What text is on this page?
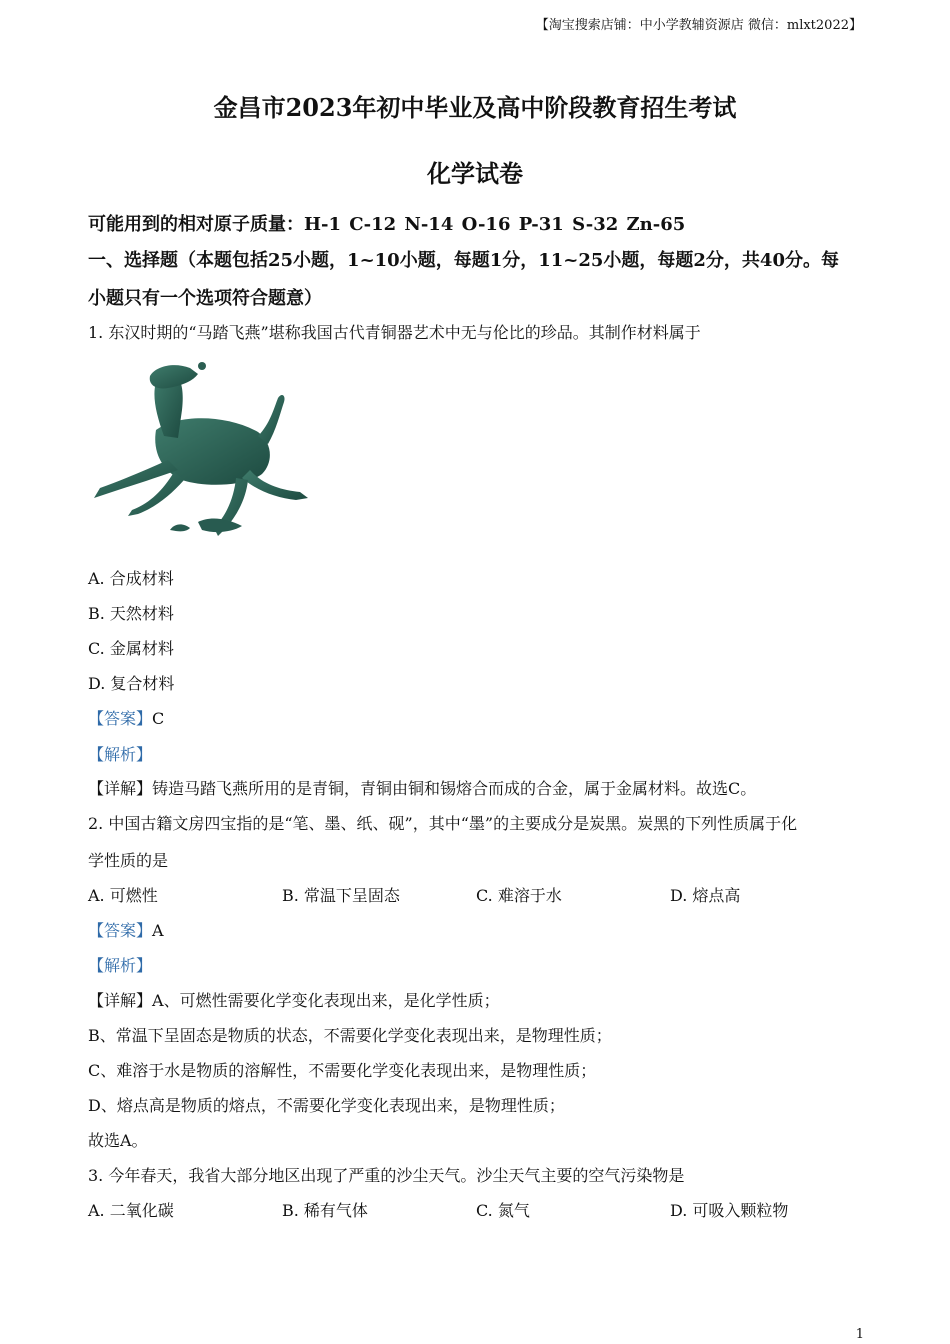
【淘宝搜索店铺：中小学教辅资源店 微信：mlxt2022】
金昌市2023年初中毕业及高中阶段教育招生考试
化学试卷
可能用到的相对原子质量：H-1 C-12 N-14 O-16 P-31 S-32 Zn-65
一、选择题（本题包括25小题，1~10小题，每题1分，11~25小题，每题2分，共40分。每
小题只有一个选项符合题意）
1. 东汉时期的“马踏飞燕”堪称我国古代青铜器艺术中无与伦比的珍品。其制作材料属于
A. 合成材料
B. 天然材料
C. 金属材料
D. 复合材料
【答案】C
【解析】
【详解】铸造马踏飞燕所用的是青铜，青铜由铜和锡熔合而成的合金，属于金属材料。故选C。
2. 中国古籍文房四宝指的是“笔、墨、纸、砚”，其中“墨”的主要成分是炭黑。炭黑的下列性质属于化
学性质的是
A. 可燃性	B. 常温下呈固态	C. 难溶于水	D. 熔点高
【答案】A
【解析】
【详解】A、可燃性需要化学变化表现出来，是化学性质；
B、常温下呈固态是物质的状态，不需要化学变化表现出来，是物理性质；
C、难溶于水是物质的溶解性，不需要化学变化表现出来，是物理性质；
D、熔点高是物质的熔点，不需要化学变化表现出来，是物理性质；
故选A。
3. 今年春天，我省大部分地区出现了严重的沙尘天气。沙尘天气主要的空气污染物是
A. 二氧化碳	B. 稀有气体	C. 氮气	D. 可吸入颗粒物
1
